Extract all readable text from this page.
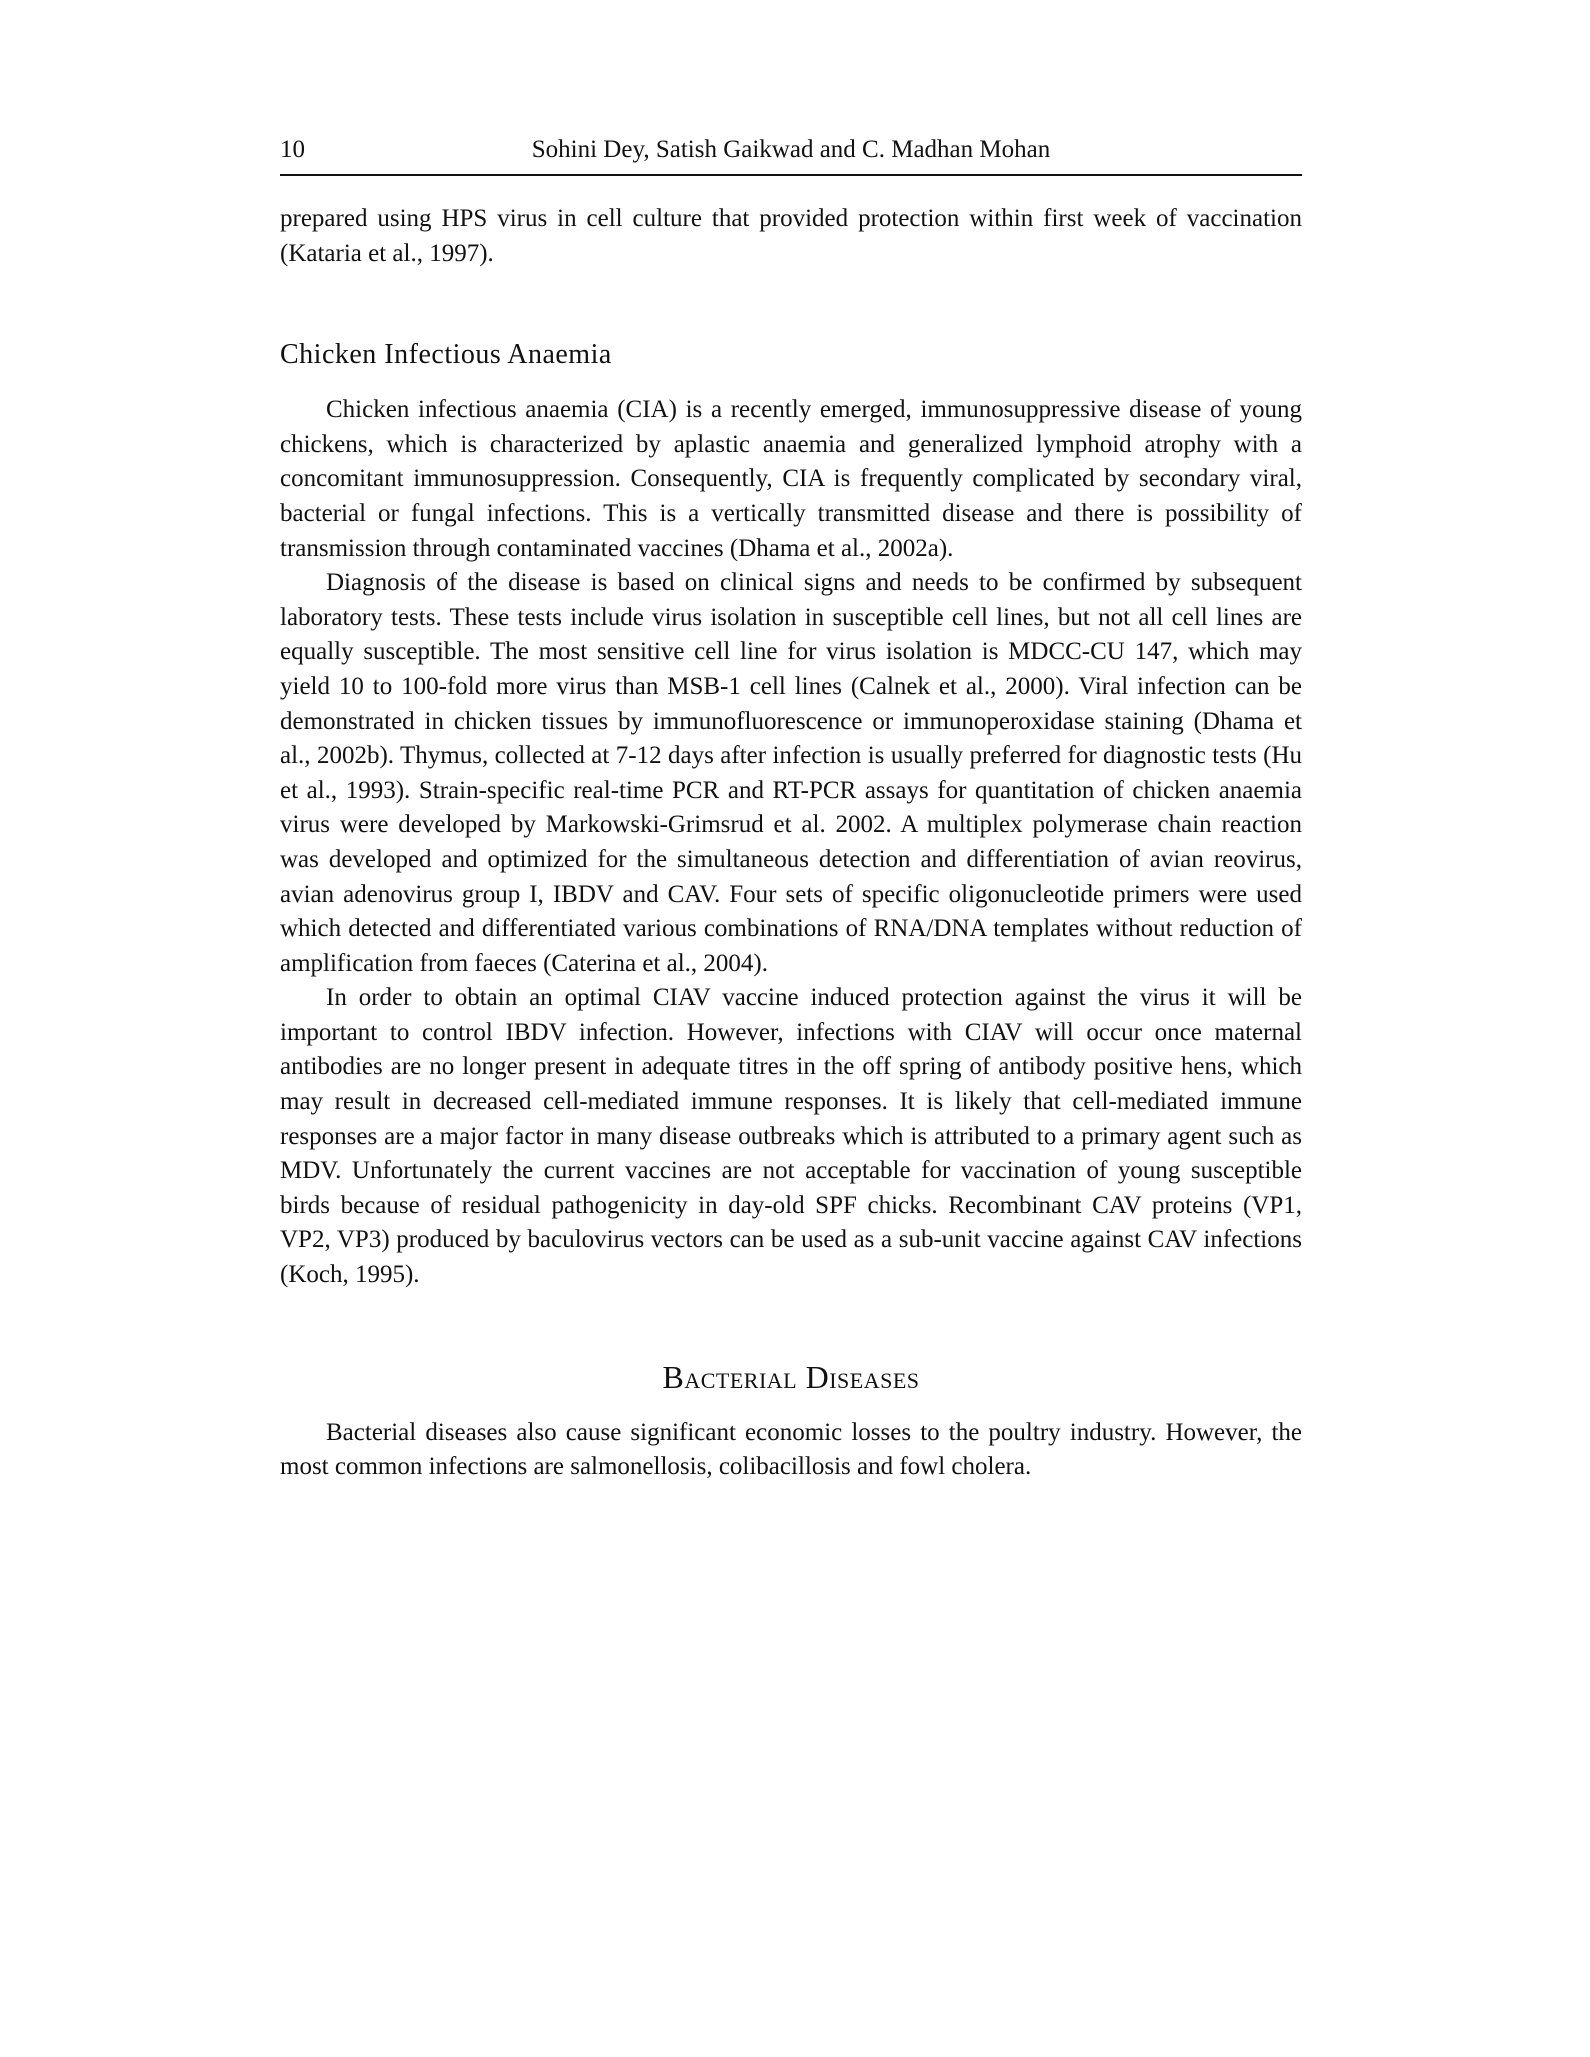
10	Sohini Dey, Satish Gaikwad and C. Madhan Mohan

prepared using HPS virus in cell culture that provided protection within first week of vaccination (Kataria et al., 1997).

Chicken Infectious Anaemia

Chicken infectious anaemia (CIA) is a recently emerged, immunosuppressive disease of young chickens, which is characterized by aplastic anaemia and generalized lymphoid atrophy with a concomitant immunosuppression. Consequently, CIA is frequently complicated by secondary viral, bacterial or fungal infections. This is a vertically transmitted disease and there is possibility of transmission through contaminated vaccines (Dhama et al., 2002a).

Diagnosis of the disease is based on clinical signs and needs to be confirmed by subsequent laboratory tests. These tests include virus isolation in susceptible cell lines, but not all cell lines are equally susceptible. The most sensitive cell line for virus isolation is MDCC-CU 147, which may yield 10 to 100-fold more virus than MSB-1 cell lines (Calnek et al., 2000). Viral infection can be demonstrated in chicken tissues by immunofluorescence or immunoperoxidase staining (Dhama et al., 2002b). Thymus, collected at 7-12 days after infection is usually preferred for diagnostic tests (Hu et al., 1993). Strain-specific real-time PCR and RT-PCR assays for quantitation of chicken anaemia virus were developed by Markowski-Grimsrud et al. 2002. A multiplex polymerase chain reaction was developed and optimized for the simultaneous detection and differentiation of avian reovirus, avian adenovirus group I, IBDV and CAV. Four sets of specific oligonucleotide primers were used which detected and differentiated various combinations of RNA/DNA templates without reduction of amplification from faeces (Caterina et al., 2004).

In order to obtain an optimal CIAV vaccine induced protection against the virus it will be important to control IBDV infection. However, infections with CIAV will occur once maternal antibodies are no longer present in adequate titres in the off spring of antibody positive hens, which may result in decreased cell-mediated immune responses. It is likely that cell-mediated immune responses are a major factor in many disease outbreaks which is attributed to a primary agent such as MDV. Unfortunately the current vaccines are not acceptable for vaccination of young susceptible birds because of residual pathogenicity in day-old SPF chicks. Recombinant CAV proteins (VP1, VP2, VP3) produced by baculovirus vectors can be used as a sub-unit vaccine against CAV infections (Koch, 1995).

Bacterial Diseases

Bacterial diseases also cause significant economic losses to the poultry industry. However, the most common infections are salmonellosis, colibacillosis and fowl cholera.
